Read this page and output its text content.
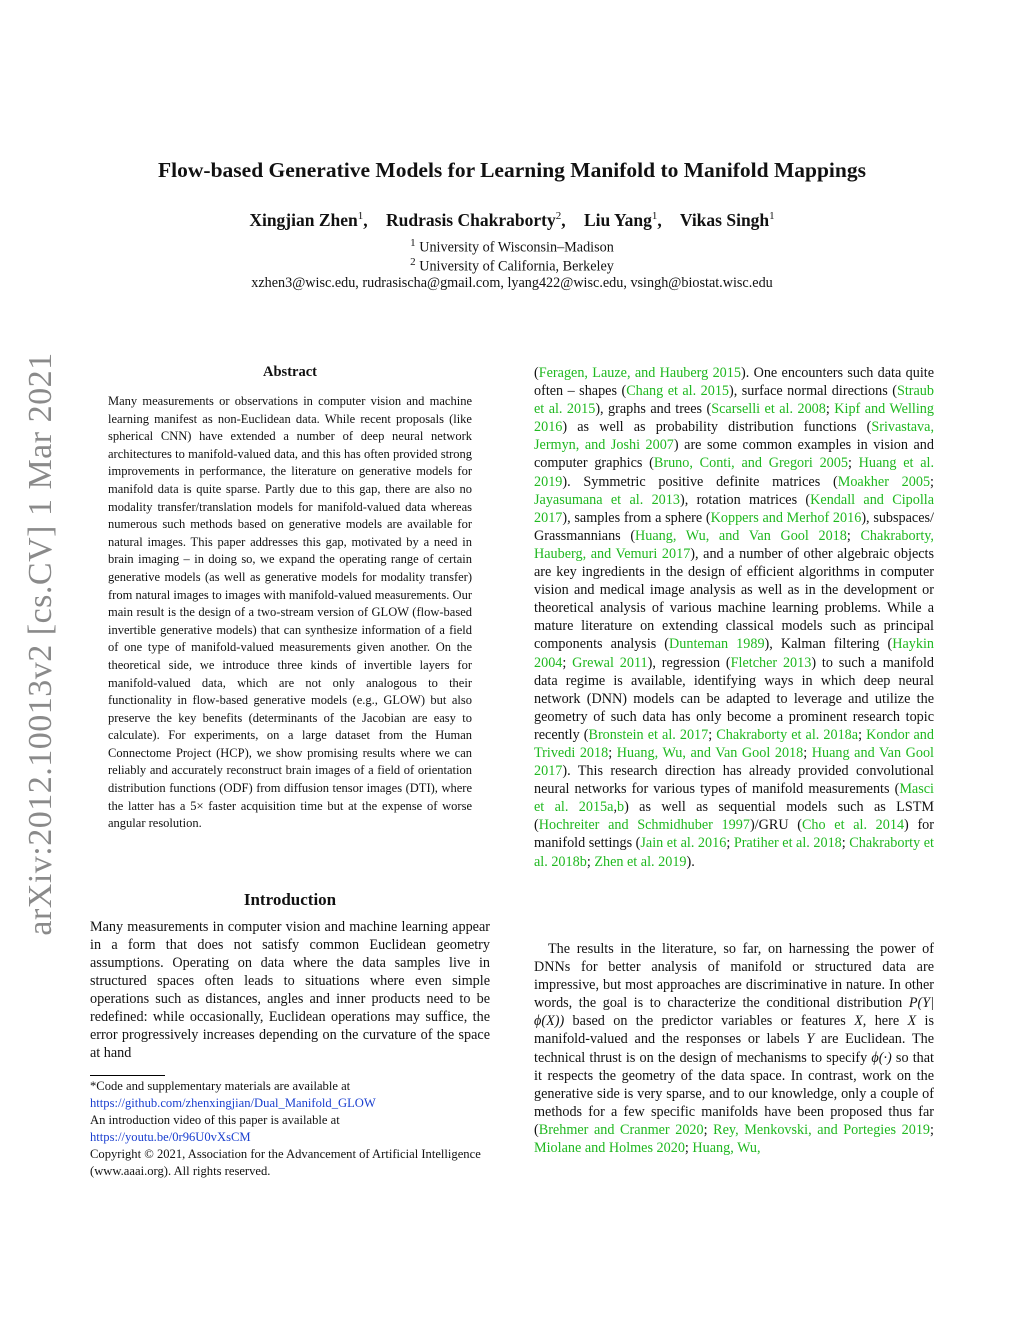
arXiv:2012.10013v2 [cs.CV] 1 Mar 2021
Flow-based Generative Models for Learning Manifold to Manifold Mappings
Xingjian Zhen$^1$, Rudrasis Chakraborty$^2$, Liu Yang$^1$, Vikas Singh$^1$
$^1$ University of Wisconsin–Madison
$^2$ University of California, Berkeley
xzhen3@wisc.edu, rudrasischa@gmail.com, lyang422@wisc.edu, vsingh@biostat.wisc.edu
Abstract
Many measurements or observations in computer vision and machine learning manifest as non-Euclidean data. While recent proposals (like spherical CNN) have extended a number of deep neural network architectures to manifold-valued data, and this has often provided strong improvements in performance, the literature on generative models for manifold data is quite sparse. Partly due to this gap, there are also no modality transfer/translation models for manifold-valued data whereas numerous such methods based on generative models are available for natural images. This paper addresses this gap, motivated by a need in brain imaging – in doing so, we expand the operating range of certain generative models (as well as generative models for modality transfer) from natural images to images with manifold-valued measurements. Our main result is the design of a two-stream version of GLOW (flow-based invertible generative models) that can synthesize information of a field of one type of manifold-valued measurements given another. On the theoretical side, we introduce three kinds of invertible layers for manifold-valued data, which are not only analogous to their functionality in flow-based generative models (e.g., GLOW) but also preserve the key benefits (determinants of the Jacobian are easy to calculate). For experiments, on a large dataset from the Human Connectome Project (HCP), we show promising results where we can reliably and accurately reconstruct brain images of a field of orientation distribution functions (ODF) from diffusion tensor images (DTI), where the latter has a 5× faster acquisition time but at the expense of worse angular resolution.
Introduction
Many measurements in computer vision and machine learning appear in a form that does not satisfy common Euclidean geometry assumptions. Operating on data where the data samples live in structured spaces often leads to situations where even simple operations such as distances, angles and inner products need to be redefined: while occasionally, Euclidean operations may suffice, the error progressively increases depending on the curvature of the space at hand
*Code and supplementary materials are available at
https://github.com/zhenxingjian/Dual_Manifold_GLOW
An introduction video of this paper is available at
https://youtu.be/0r96U0vXsCM
Copyright © 2021, Association for the Advancement of Artificial Intelligence (www.aaai.org). All rights reserved.
(Feragen, Lauze, and Hauberg 2015). One encounters such data quite often – shapes (Chang et al. 2015), surface normal directions (Straub et al. 2015), graphs and trees (Scarselli et al. 2008; Kipf and Welling 2016) as well as probability distribution functions (Srivastava, Jermyn, and Joshi 2007) are some common examples in vision and computer graphics (Bruno, Conti, and Gregori 2005; Huang et al. 2019). Symmetric positive definite matrices (Moakher 2005; Jayasumana et al. 2013), rotation matrices (Kendall and Cipolla 2017), samples from a sphere (Koppers and Merhof 2016), subspaces/ Grassmannians (Huang, Wu, and Van Gool 2018; Chakraborty, Hauberg, and Vemuri 2017), and a number of other algebraic objects are key ingredients in the design of efficient algorithms in computer vision and medical image analysis as well as in the development or theoretical analysis of various machine learning problems. While a mature literature on extending classical models such as principal components analysis (Dunteman 1989), Kalman filtering (Haykin 2004; Grewal 2011), regression (Fletcher 2013) to such a manifold data regime is available, identifying ways in which deep neural network (DNN) models can be adapted to leverage and utilize the geometry of such data has only become a prominent research topic recently (Bronstein et al. 2017; Chakraborty et al. 2018a; Kondor and Trivedi 2018; Huang, Wu, and Van Gool 2018; Huang and Van Gool 2017). This research direction has already provided convolutional neural networks for various types of manifold measurements (Masci et al. 2015a,b) as well as sequential models such as LSTM (Hochreiter and Schmidhuber 1997)/GRU (Cho et al. 2014) for manifold settings (Jain et al. 2016; Pratiher et al. 2018; Chakraborty et al. 2018b; Zhen et al. 2019).
The results in the literature, so far, on harnessing the power of DNNs for better analysis of manifold or structured data are impressive, but most approaches are discriminative in nature. In other words, the goal is to characterize the conditional distribution P(Y|ϕ(X)) based on the predictor variables or features X, here X is manifold-valued and the responses or labels Y are Euclidean. The technical thrust is on the design of mechanisms to specify ϕ(·) so that it respects the geometry of the data space. In contrast, work on the generative side is very sparse, and to our knowledge, only a couple of methods for a few specific manifolds have been proposed thus far (Brehmer and Cranmer 2020; Rey, Menkovski, and Portegies 2019; Miolane and Holmes 2020; Huang, Wu,
